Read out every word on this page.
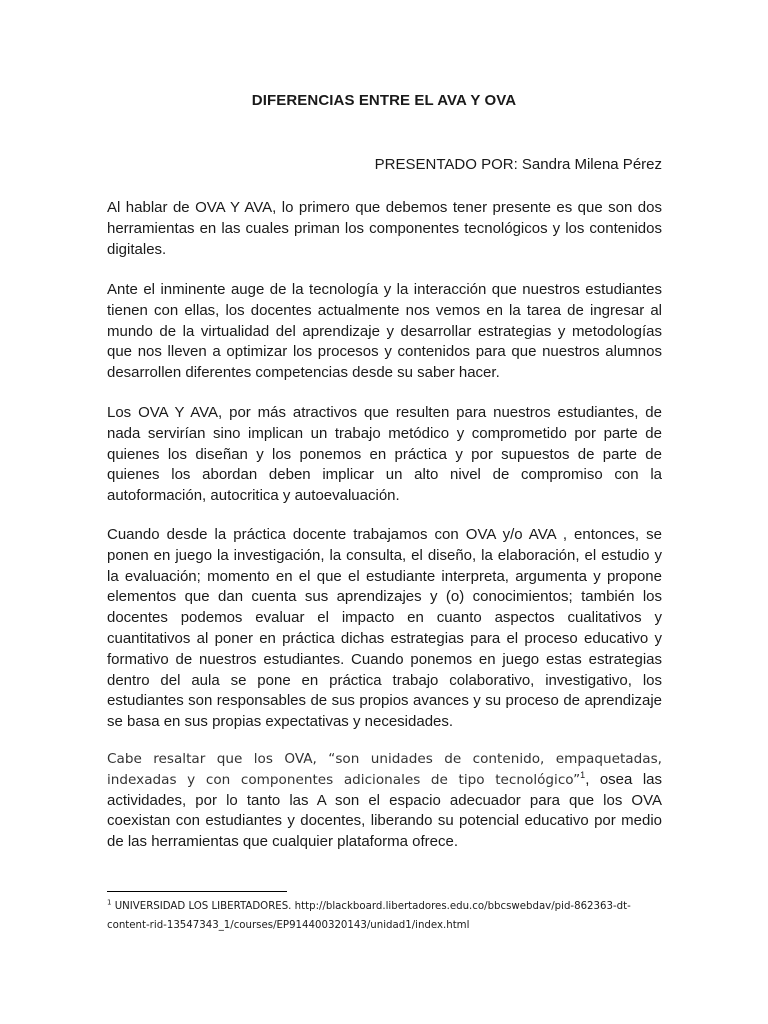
DIFERENCIAS ENTRE EL AVA Y OVA
PRESENTADO POR: Sandra Milena Pérez

Al hablar de OVA Y AVA, lo primero que debemos tener presente es que son dos herramientas en las cuales priman los componentes tecnológicos y los contenidos digitales.

Ante el inminente auge de la tecnología y la interacción que nuestros estudiantes tienen con ellas, los docentes actualmente nos vemos en la tarea de ingresar al mundo de la virtualidad del aprendizaje y desarrollar estrategias y metodologías que nos lleven a optimizar los procesos y contenidos para que nuestros alumnos desarrollen diferentes competencias desde su saber hacer.

Los OVA Y AVA, por más atractivos que resulten para nuestros estudiantes, de nada servirían sino implican un trabajo metódico y comprometido por parte de quienes los diseñan y los ponemos en práctica y por supuestos de parte de quienes los abordan deben implicar un alto nivel de compromiso con la autoformación, autocritica y autoevaluación.

Cuando desde la práctica docente trabajamos con OVA y/o AVA , entonces, se ponen en juego la investigación, la consulta, el diseño, la elaboración, el estudio y la evaluación; momento en el que el estudiante interpreta, argumenta y propone elementos que dan cuenta sus aprendizajes y (o) conocimientos; también los docentes podemos evaluar el impacto en cuanto aspectos cualitativos y cuantitativos al poner en práctica dichas estrategias para el proceso educativo y formativo de nuestros estudiantes. Cuando ponemos en juego estas estrategias dentro del aula se pone en práctica trabajo colaborativo, investigativo, los estudiantes son responsables de sus propios avances y su proceso de aprendizaje se basa en sus propias expectativas y necesidades.

Cabe resaltar que los OVA, “son unidades de contenido, empaquetadas, indexadas y con componentes adicionales de tipo tecnológico”$^1$, osea las actividades, por lo tanto las A son el espacio adecuador para que los OVA coexistan con estudiantes y docentes, liberando su potencial educativo por medio de las herramientas que cualquier plataforma ofrece.

$^1$ UNIVERSIDAD LOS LIBERTADORES. http://blackboard.libertadores.edu.co/bbcswebdav/pid-862363-dt-content-rid-13547343_1/courses/EP914400320143/unidad1/index.html
